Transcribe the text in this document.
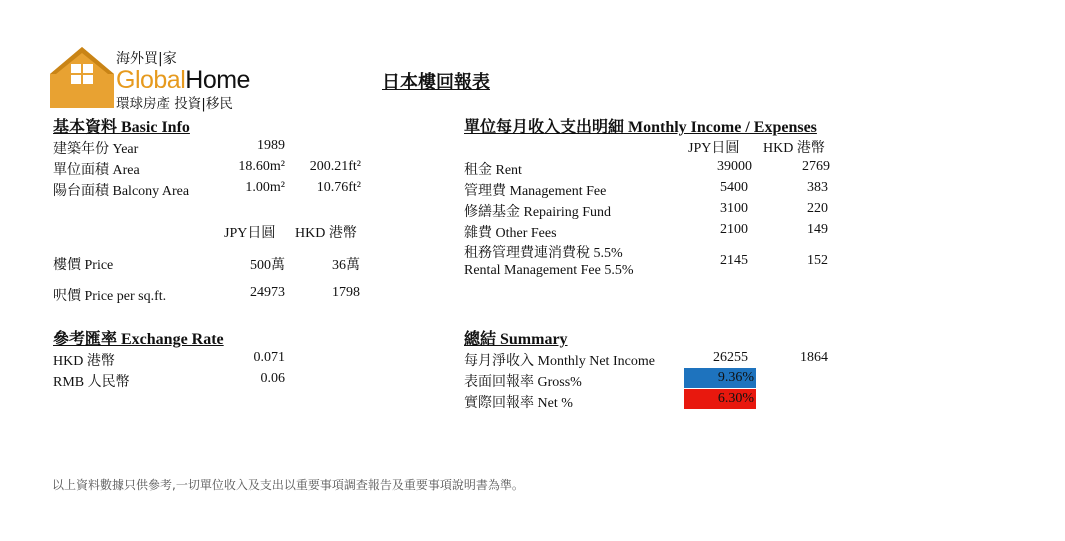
海外買|家
GlobalHome
環球房產 投資|移民
日本樓回報表
基本資料 Basic Info
建築年份 Year	1989
單位面積 Area	18.60m²	200.21ft²
陽台面積 Balcony Area	1.00m²	10.76ft²
JPY日圓 HKD 港幣
樓價 Price	500萬	36萬
呎價 Price per sq.ft.	24973	1798
參考匯率 Exchange Rate
HKD 港幣	0.071
RMB 人民幣	0.06
單位每月收入支出明細 Monthly Income / Expenses
JPY日圓 HKD 港幣
租金 Rent	39000	2769
管理費 Management Fee	5400	383
修繕基金 Repairing Fund	3100	220
雜費 Other Fees	2100	149
租務管理費連消費稅 5.5%
Rental Management Fee 5.5%
2145	152
總結 Summary
每月淨收入 Monthly Net Income	26255	1864
表面回報率 Gross%	9.36%
實際回報率 Net %	6.30%
以上資料數據只供參考,一切單位收入及支出以重要事項調查報告及重要事項說明書為準。
